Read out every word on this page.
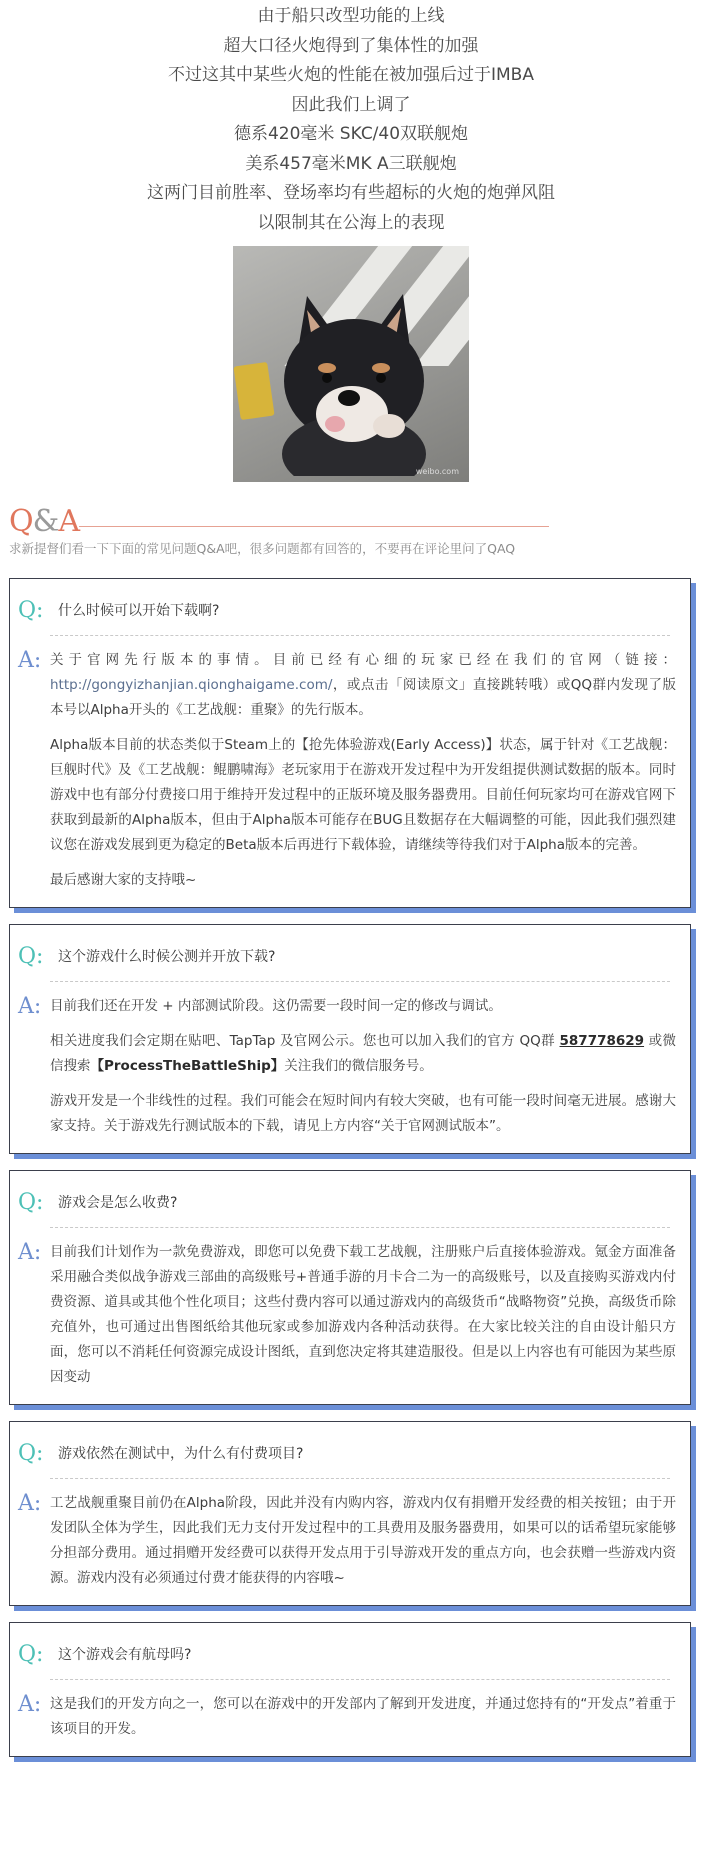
由于船只改型功能的上线

超大口径火炮得到了集体性的加强

不过这其中某些火炮的性能在被加强后过于IMBA

因此我们上调了

德系420毫米 SKC/40双联舰炮

美系457毫米MK A三联舰炮

这两门目前胜率、登场率均有些超标的火炮的炮弹风阻

以限制其在公海上的表现

weibo.com
Q&A
求新提督们看一下下面的常见问题Q&A吧，很多问题都有回答的，不要再在评论里问了QAQ
Q:	什么时候可以开始下载啊?
A: 关于官网先行版本的事情。目前已经有心细的玩家已经在我们的官网（链接：http://gongyizhanjian.qionghaigame.com/，或点击「阅读原文」直接跳转哦）或QQ群内发现了版本号以Alpha开头的《工艺战舰：重聚》的先行版本。

Alpha版本目前的状态类似于Steam上的【抢先体验游戏(Early Access)】状态，属于针对《工艺战舰：巨舰时代》及《工艺战舰：鲲鹏啸海》老玩家用于在游戏开发过程中为开发组提供测试数据的版本。同时游戏中也有部分付费接口用于维持开发过程中的正版环境及服务器费用。目前任何玩家均可在游戏官网下获取到最新的Alpha版本，但由于Alpha版本可能存在BUG且数据存在大幅调整的可能，因此我们强烈建议您在游戏发展到更为稳定的Beta版本后再进行下载体验，请继续等待我们对于Alpha版本的完善。

最后感谢大家的支持哦~

Q:	这个游戏什么时候公测并开放下载?
A: 目前我们还在开发 + 内部测试阶段。这仍需要一段时间一定的修改与调试。

相关进度我们会定期在贴吧、TapTap 及官网公示。您也可以加入我们的官方 QQ群 587778629 或微信搜索【ProcessTheBattleShip】关注我们的微信服务号。

游戏开发是一个非线性的过程。我们可能会在短时间内有较大突破，也有可能一段时间毫无进展。感谢大家支持。关于游戏先行测试版本的下载，请见上方内容“关于官网测试版本”。

Q:	游戏会是怎么收费?
A: 目前我们计划作为一款免费游戏，即您可以免费下载工艺战舰，注册账户后直接体验游戏。氪金方面准备采用融合类似战争游戏三部曲的高级账号+普通手游的月卡合二为一的高级账号，以及直接购买游戏内付费资源、道具或其他个性化项目；这些付费内容可以通过游戏内的高级货币“战略物资”兑换，高级货币除充值外，也可通过出售图纸给其他玩家或参加游戏内各种活动获得。在大家比较关注的自由设计船只方面，您可以不消耗任何资源完成设计图纸，直到您决定将其建造服役。但是以上内容也有可能因为某些原因变动

Q:	游戏依然在测试中，为什么有付费项目?
A: 工艺战舰重聚目前仍在Alpha阶段，因此并没有内购内容，游戏内仅有捐赠开发经费的相关按钮；由于开发团队全体为学生，因此我们无力支付开发过程中的工具费用及服务器费用，如果可以的话希望玩家能够分担部分费用。通过捐赠开发经费可以获得开发点用于引导游戏开发的重点方向，也会获赠一些游戏内资源。游戏内没有必须通过付费才能获得的内容哦~

Q:	这个游戏会有航母吗?
A: 这是我们的开发方向之一，您可以在游戏中的开发部内了解到开发进度，并通过您持有的“开发点”着重于该项目的开发。
